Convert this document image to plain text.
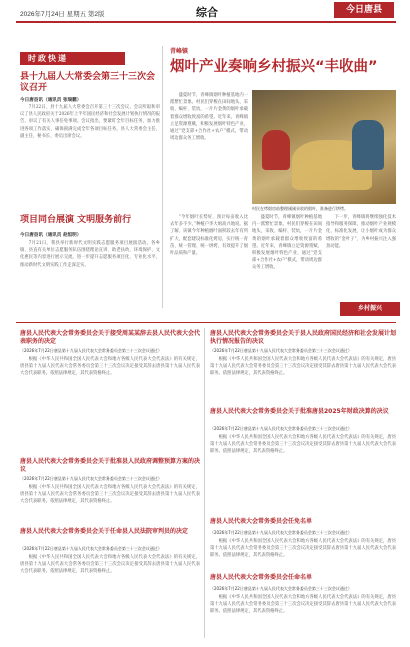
2026年7月24日 星期五 第2版	综合	今日唐县
时政快递
县十九届人大常委会第三十三次会议召开
今日唐县讯（通讯员 张瑞鹏）
7月22日，县十九届人大常委会召开第三十三次会议，会议听取和审议了县人民政府关于2026年上半年国民经济和社会发展计划执行情况的报告，审议了有关人事任免事项。会议指出，要紧盯全年目标任务，加力推进各项工作落实，确保圆满完成全年各项目标任务。县人大常委会主任、副主任、秘书长、委员出席会议。
项目同台展演 文明服务前行
今日唐县讯（通讯员 赵恒明）
7月21日，我县举行新时代文明实践志愿服务项目展演活动。各乡镇、县直有关单位志愿服务队伍围绕理论宣讲、助老扶幼、环境保护、文化惠民等内容进行展示交流，进一步提升志愿服务项目化、专业化水平，推动新时代文明实践工作走深走实。
青峰镇
烟叶产业奏响乡村振兴“丰收曲”
盛夏时节，青峰镇烟叶种植基地内一派繁忙景象。村民们穿梭在田间地头，采收、编杆、装炕，一片片金黄的烟叶承载着群众增收致富的希望。近年来，青峰镇立足资源禀赋，积极发展烟叶特色产业，通过“党支部+合作社+农户”模式，带动周边群众务工增收。
村民在烤烟房前整理刚刚采收的烟叶，准备进行烘烤。
“今年烟叶长势好，预计每亩收入比去年多不少。”种植户李大姐高兴地说。据了解，该镇今年种植烟叶面积较去年有所扩大，配套建设标准化烤房，实行统一育苗、统一管理、统一烘烤，有效提升了烟叶品质和产量。
盛夏时节，青峰镇烟叶种植基地内一派繁忙景象。村民们穿梭在田间地头，采收、编杆、装炕，一片片金黄的烟叶承载着群众增收致富的希望。近年来，青峰镇立足资源禀赋，积极发展烟叶特色产业，通过“党支部+合作社+农户”模式，带动周边群众务工增收。
下一步，青峰镇将继续强化技术指导和服务保障，推动烟叶产业规模化、标准化发展，让小烟叶成为群众增收的“金叶子”，为乡村振兴注入强劲动能。
乡村振兴
唐县人民代表大会常务委员会关于接受周某某辞去县人民代表大会代表职务的决定
（2026年7月22日唐县第十九届人民代表大会常务委员会第三十三次会议通过）
根据《中华人民共和国全国人民代表大会和地方各级人民代表大会代表法》的有关规定，唐县第十九届人民代表大会常务委员会第三十三次会议决定接受其辞去唐县第十九届人民代表大会代表职务。依照法律规定，其代表资格终止。
唐县人民代表大会常务委员会关于批准县人民政府调整预算方案的决议
（2026年7月22日唐县第十九届人民代表大会常务委员会第三十三次会议通过）
根据《中华人民共和国全国人民代表大会和地方各级人民代表大会代表法》的有关规定，唐县第十九届人民代表大会常务委员会第三十三次会议决定接受其辞去唐县第十九届人民代表大会代表职务。依照法律规定，其代表资格终止。
唐县人民代表大会常务委员会关于任命县人民法院审判员的决定
（2026年7月22日唐县第十九届人民代表大会常务委员会第三十三次会议通过）
根据《中华人民共和国全国人民代表大会和地方各级人民代表大会代表法》的有关规定，唐县第十九届人民代表大会常务委员会第三十三次会议决定接受其辞去唐县第十九届人民代表大会代表职务。依照法律规定，其代表资格终止。
唐县人民代表大会常务委员会关于县人民政府国民经济和社会发展计划执行情况报告的决议
（2026年7月22日唐县第十九届人民代表大会常务委员会第三十三次会议通过）
根据《中华人民共和国全国人民代表大会和地方各级人民代表大会代表法》的有关规定，唐县第十九届人民代表大会常务委员会第三十三次会议决定接受其辞去唐县第十九届人民代表大会代表职务。依照法律规定，其代表资格终止。
唐县人民代表大会常务委员会关于批准唐县2025年财政决算的决议
（2026年7月22日唐县第十九届人民代表大会常务委员会第三十三次会议通过）
根据《中华人民共和国全国人民代表大会和地方各级人民代表大会代表法》的有关规定，唐县第十九届人民代表大会常务委员会第三十三次会议决定接受其辞去唐县第十九届人民代表大会代表职务。依照法律规定，其代表资格终止。
唐县人民代表大会常务委员会任免名单
（2026年7月22日唐县第十九届人民代表大会常务委员会第三十三次会议通过）
根据《中华人民共和国全国人民代表大会和地方各级人民代表大会代表法》的有关规定，唐县第十九届人民代表大会常务委员会第三十三次会议决定接受其辞去唐县第十九届人民代表大会代表职务。依照法律规定，其代表资格终止。
唐县人民代表大会常务委员会任命名单
（2026年7月22日唐县第十九届人民代表大会常务委员会第三十三次会议通过）
根据《中华人民共和国全国人民代表大会和地方各级人民代表大会代表法》的有关规定，唐县第十九届人民代表大会常务委员会第三十三次会议决定接受其辞去唐县第十九届人民代表大会代表职务。依照法律规定，其代表资格终止。
